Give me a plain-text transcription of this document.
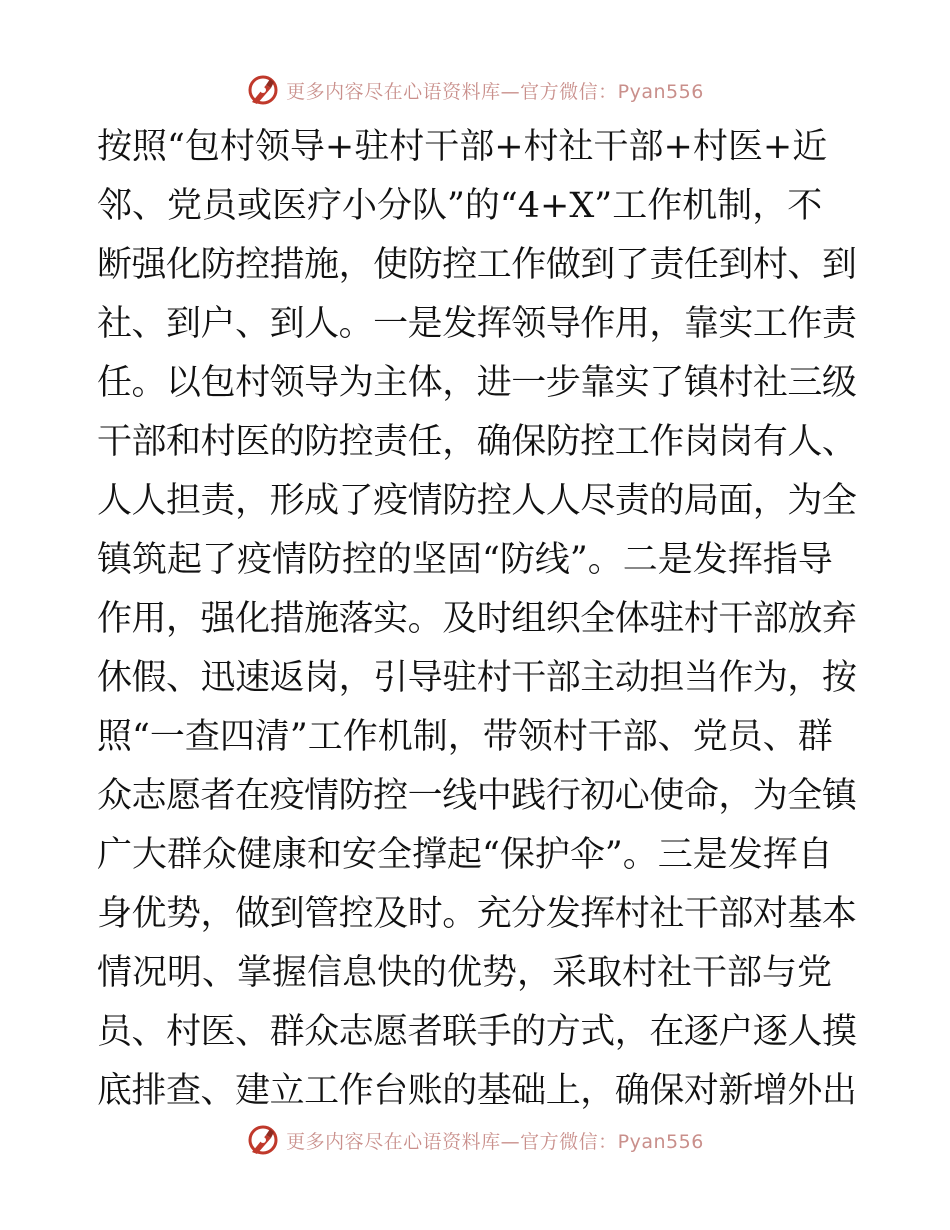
更多内容尽在心语资料库—官方微信：Pyan556
按照“包村领导+驻村干部+村社干部+村医+近
邻、党员或医疗小分队”的“4+X”工作机制，不
断强化防控措施，使防控工作做到了责任到村、到
社、到户、到人。一是发挥领导作用，靠实工作责
任。以包村领导为主体，进一步靠实了镇村社三级
干部和村医的防控责任，确保防控工作岗岗有人、
人人担责，形成了疫情防控人人尽责的局面，为全
镇筑起了疫情防控的坚固“防线”。二是发挥指导
作用，强化措施落实。及时组织全体驻村干部放弃
休假、迅速返岗，引导驻村干部主动担当作为，按
照“一查四清”工作机制，带领村干部、党员、群
众志愿者在疫情防控一线中践行初心使命，为全镇
广大群众健康和安全撑起“保护伞”。三是发挥自
身优势，做到管控及时。充分发挥村社干部对基本
情况明、掌握信息快的优势，采取村社干部与党
员、村医、群众志愿者联手的方式，在逐户逐人摸
底排查、建立工作台账的基础上，确保对新增外出
更多内容尽在心语资料库—官方微信：Pyan556
